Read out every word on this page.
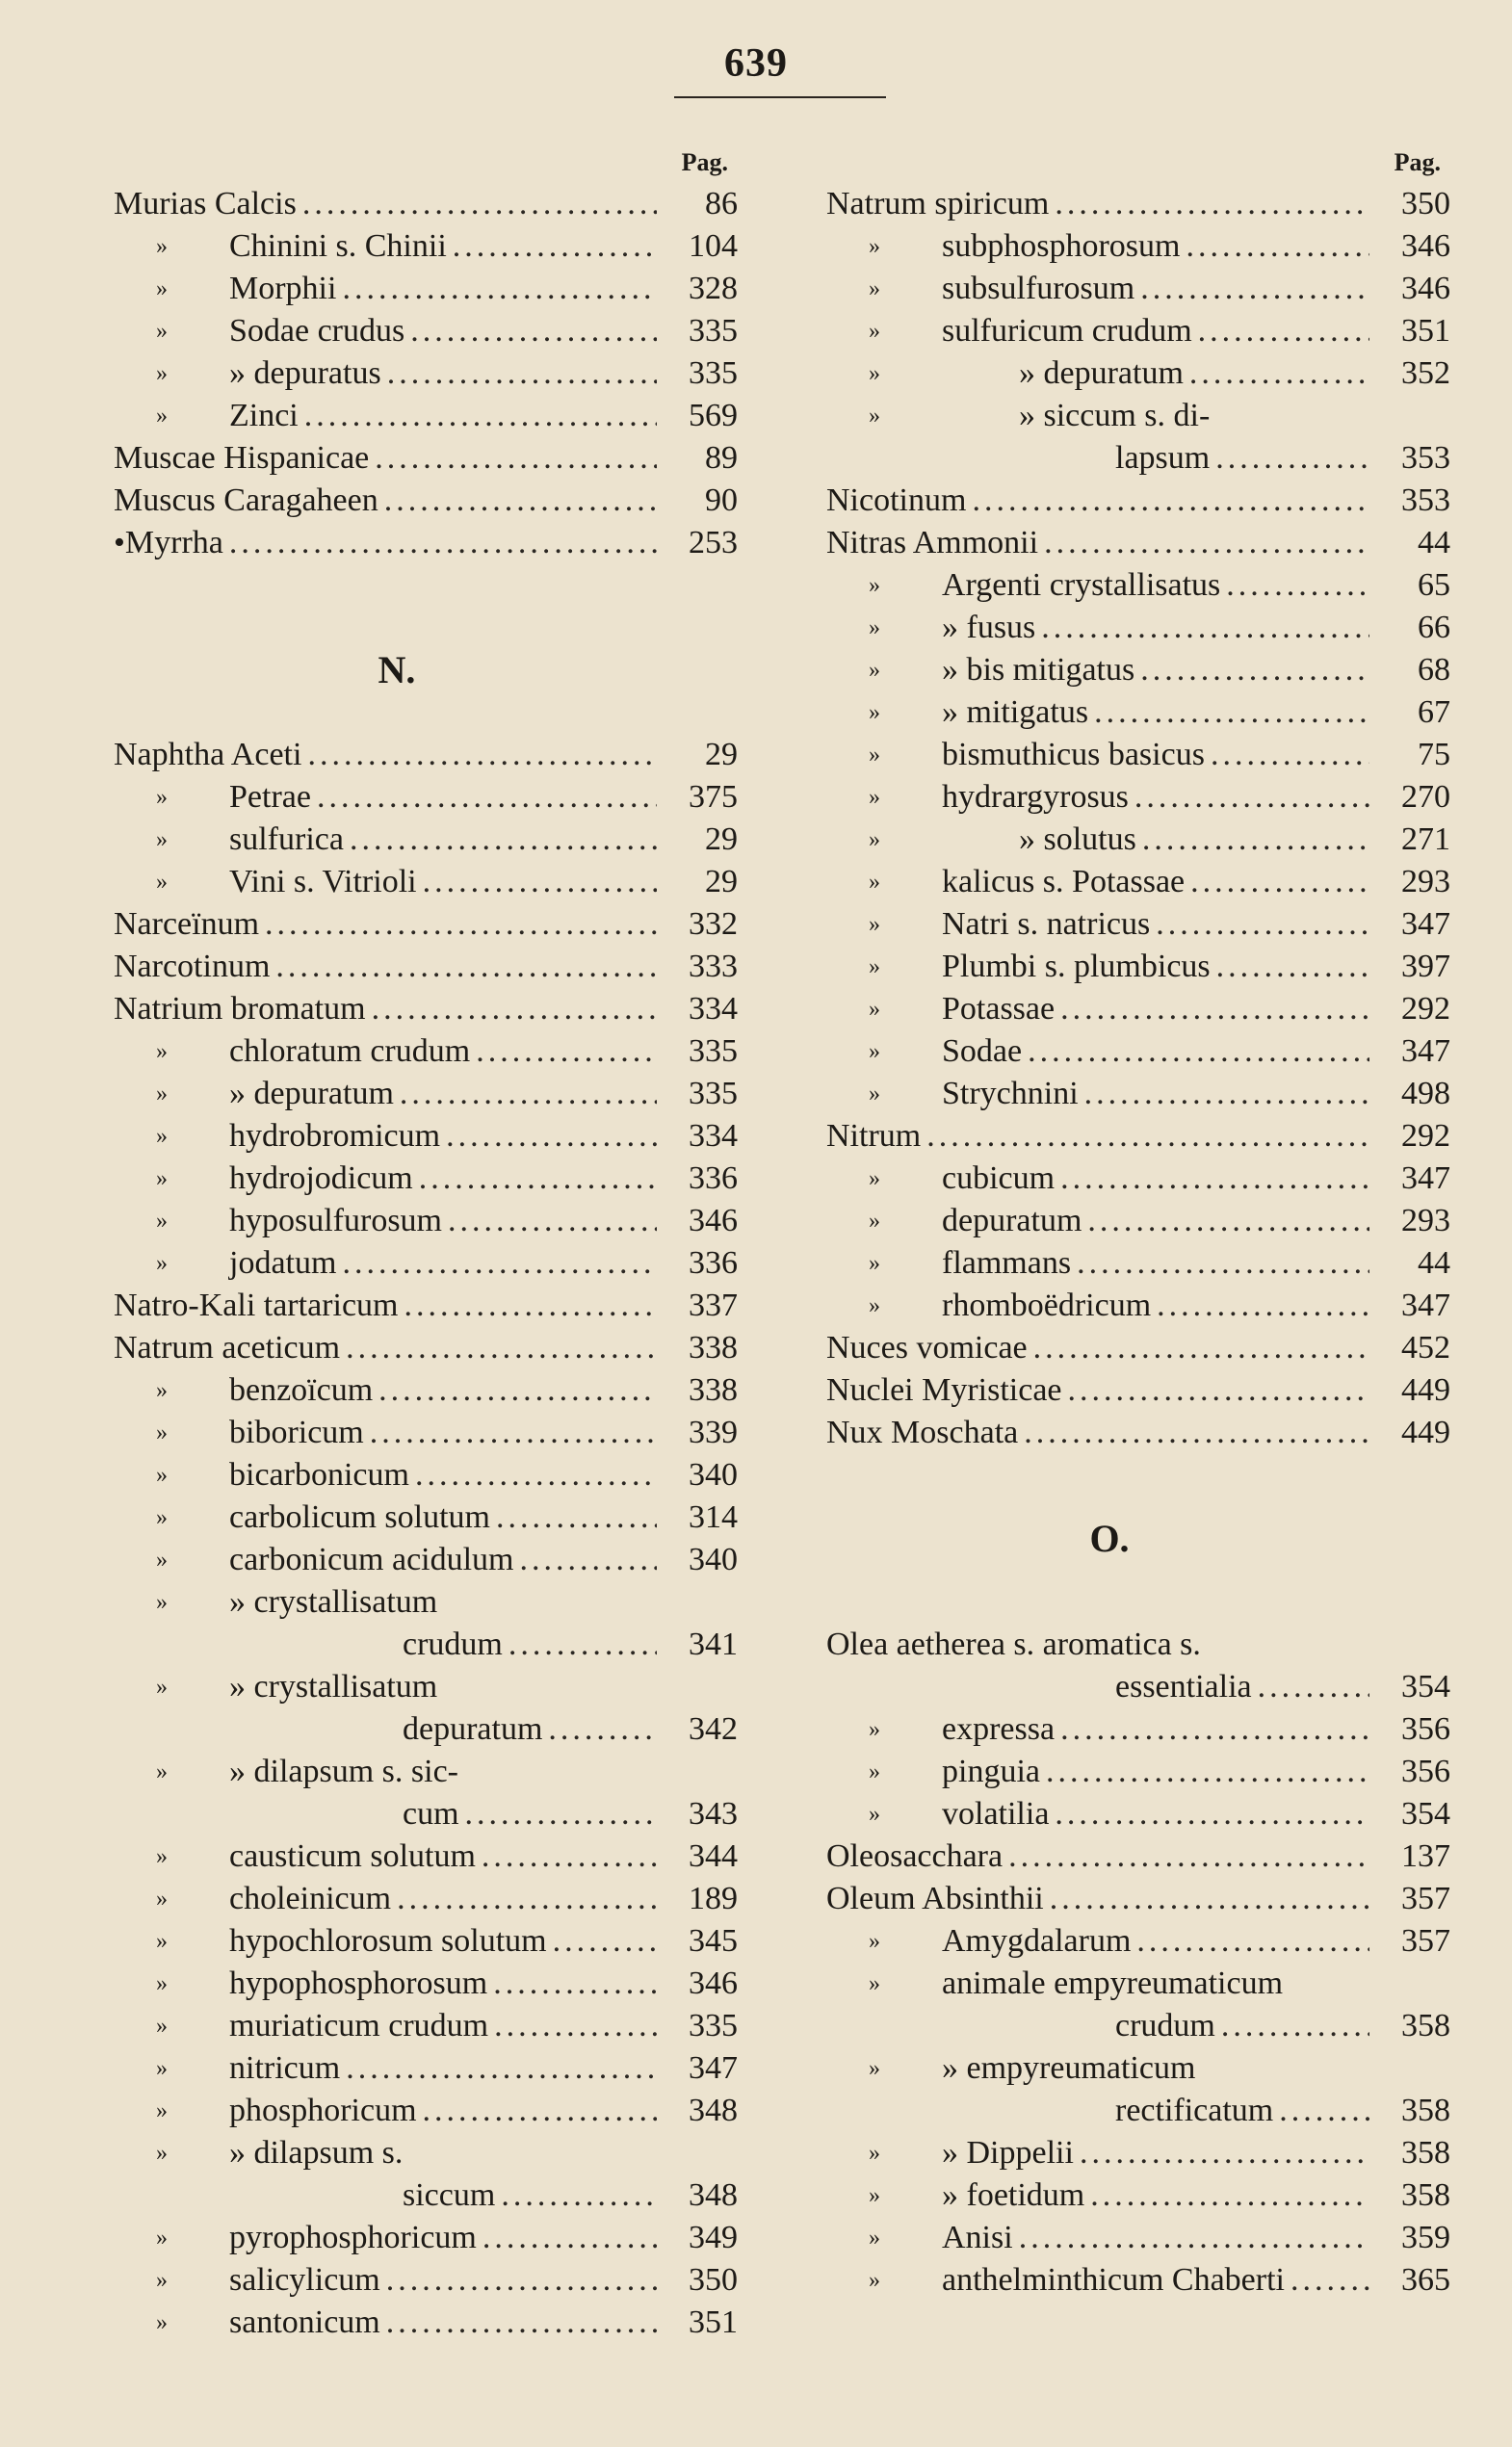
639
Pag.
Murias Calcis .....	86
» Chinini s. Chinii .....	104
» Morphii .....	328
» Sodae crudus .....	335
» » depuratus .....	335
» Zinci .....	569
Muscae Hispanicae .....	89
Muscus Caragaheen .....	90
•Myrrha .....	253
N.
Naphtha Aceti .....	29
» Petrae .....	375
» sulfurica .....	29
» Vini s. Vitrioli .....	29
Narceïnum .....	332
Narcotinum .....	333
Natrium bromatum .....	334
» chloratum crudum .....	335
» » depuratum .....	335
» hydrobromicum .....	334
» hydrojodicum .....	336
» hyposulfurosum .....	346
» jodatum .....	336
Natro-Kali tartaricum .....	337
Natrum aceticum .....	338
» benzoïcum .....	338
» biboricum .....	339
» bicarbonicum .....	340
» carbolicum solutum .....	314
» carbonicum acidulum .....	340
» » crystallisatum
crudum .....	341
» » crystallisatum
depuratum .....	342
» » dilapsum s. sic-
cum .....	343
» causticum solutum .....	344
» choleinicum .....	189
» hypochlorosum solutum .....	345
» hypophosphorosum .....	346
» muriaticum crudum .....	335
» nitricum .....	347
» phosphoricum .....	348
» » dilapsum s.
siccum .....	348
» pyrophosphoricum .....	349
» salicylicum .....	350
» santonicum .....	351
Pag.
Natrum spiricum .....	350
» subphosphorosum .....	346
» subsulfurosum .....	346
» sulfuricum crudum .....	351
»	» depuratum .....	352
»	» siccum s. di-
lapsum .....	353
Nicotinum .....	353
Nitras Ammonii .....	44
» Argenti crystallisatus .....	65
» » fusus .....	66
» » bis mitigatus .....	68
» » mitigatus .....	67
» bismuthicus basicus .....	75
» hydrargyrosus .....	270
»	» solutus .....	271
» kalicus s. Potassae .....	293
» Natri s. natricus .....	347
» Plumbi s. plumbicus .....	397
» Potassae .....	292
» Sodae .....	347
» Strychnini .....	498
Nitrum .....	292
» cubicum .....	347
» depuratum .....	293
» flammans .....	44
» rhomboëdricum .....	347
Nuces vomicae .....	452
Nuclei Myristicae .....	449
Nux Moschata .....	449
O.
Olea aetherea s. aromatica s.
essentialia .....	354
» expressa .....	356
» pinguia .....	356
» volatilia .....	354
Oleosacchara .....	137
Oleum Absinthii .....	357
» Amygdalarum .....	357
» animale empyreumaticum
crudum .....	358
» » empyreumaticum
rectificatum .....	358
» » Dippelii .....	358
» » foetidum .....	358
» Anisi .....	359
» anthelminthicum Chaberti .....	365
